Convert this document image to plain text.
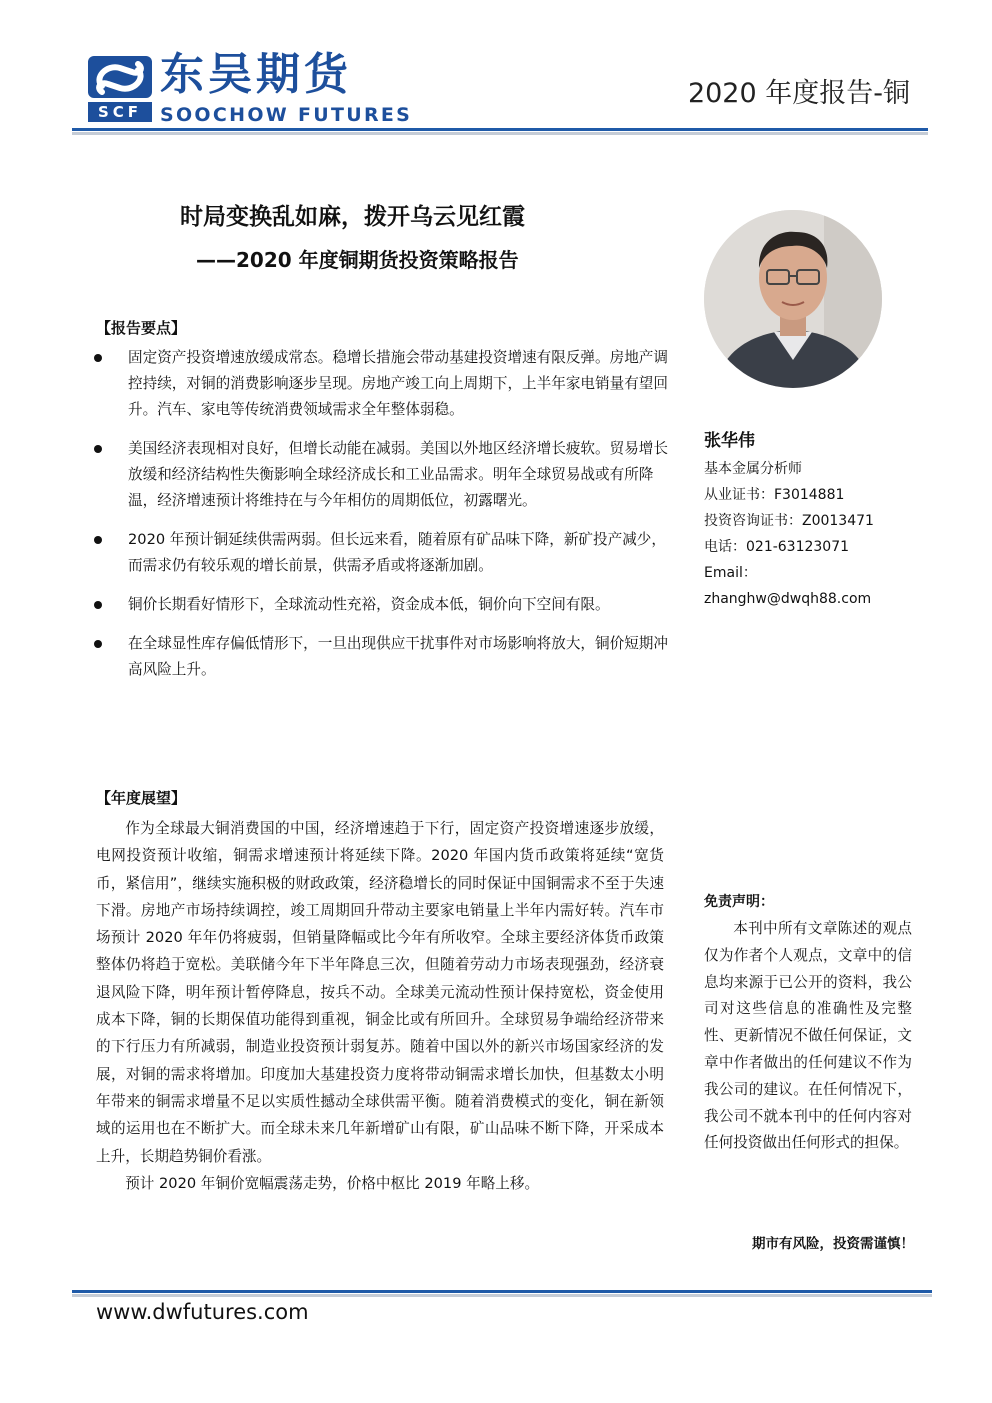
SCF
东吴期货
SOOCHOW FUTURES
2020 年度报告-铜
时局变换乱如麻，拨开乌云见红霞
——2020 年度铜期货投资策略报告
张华伟
基本金属分析师
从业证书：F3014881
投资咨询证书：Z0013471
电话：021-63123071
Email：
zhanghw@dwqh88.com
【报告要点】
固定资产投资增速放缓成常态。稳增长措施会带动基建投资增速有限反弹。房地产调控持续，对铜的消费影响逐步呈现。房地产竣工向上周期下，上半年家电销量有望回升。汽车、家电等传统消费领域需求全年整体弱稳。
美国经济表现相对良好，但增长动能在减弱。美国以外地区经济增长疲软。贸易增长放缓和经济结构性失衡影响全球经济成长和工业品需求。明年全球贸易战或有所降温，经济增速预计将维持在与今年相仿的周期低位，初露曙光。
2020 年预计铜延续供需两弱。但长远来看，随着原有矿品味下降，新矿投产减少，而需求仍有较乐观的增长前景，供需矛盾或将逐渐加剧。
铜价长期看好情形下，全球流动性充裕，资金成本低，铜价向下空间有限。
在全球显性库存偏低情形下，一旦出现供应干扰事件对市场影响将放大，铜价短期冲高风险上升。
【年度展望】

作为全球最大铜消费国的中国，经济增速趋于下行，固定资产投资增速逐步放缓，电网投资预计收缩，铜需求增速预计将延续下降。2020 年国内货币政策将延续“宽货币，紧信用”，继续实施积极的财政政策，经济稳增长的同时保证中国铜需求不至于失速下滑。房地产市场持续调控，竣工周期回升带动主要家电销量上半年内需好转。汽车市场预计 2020 年年仍将疲弱，但销量降幅或比今年有所收窄。全球主要经济体货币政策整体仍将趋于宽松。美联储今年下半年降息三次，但随着劳动力市场表现强劲，经济衰退风险下降，明年预计暂停降息，按兵不动。全球美元流动性预计保持宽松，资金使用成本下降，铜的长期保值功能得到重视，铜金比或有所回升。全球贸易争端给经济带来的下行压力有所减弱，制造业投资预计弱复苏。随着中国以外的新兴市场国家经济的发展，对铜的需求将增加。印度加大基建投资力度将带动铜需求增长加快，但基数太小明年带来的铜需求增量不足以实质性撼动全球供需平衡。随着消费模式的变化，铜在新领域的运用也在不断扩大。而全球未来几年新增矿山有限，矿山品味不断下降，开采成本上升，长期趋势铜价看涨。

预计 2020 年铜价宽幅震荡走势，价格中枢比 2019 年略上移。

免责声明：

本刊中所有文章陈述的观点仅为作者个人观点，文章中的信息均来源于已公开的资料，我公司对这些信息的准确性及完整性、更新情况不做任何保证，文章中作者做出的任何建议不作为我公司的建议。在任何情况下，我公司不就本刊中的任何内容对任何投资做出任何形式的担保。

期市有风险，投资需谨慎！
www.dwfutures.com
